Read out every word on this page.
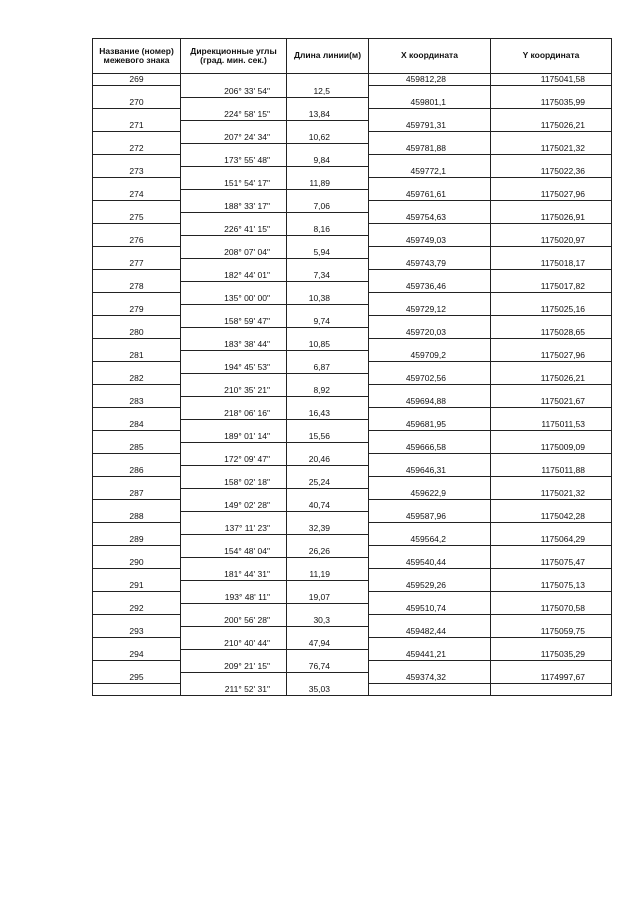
Название (номер) межевого знака	Дирекционные углы (град. мин. сек.)	Длина линии(м)	X координата	Y координата
269			459812,28	1175041,58
	206° 33' 54"	12,5		
270			459801,1	1175035,99
	224° 58' 15"	13,84		
271			459791,31	1175026,21
	207° 24' 34"	10,62		
272			459781,88	1175021,32
	173° 55' 48"	9,84		
273			459772,1	1175022,36
	151° 54' 17"	11,89		
274			459761,61	1175027,96
	188° 33' 17"	7,06		
275			459754,63	1175026,91
	226° 41' 15"	8,16		
276			459749,03	1175020,97
	208° 07' 04"	5,94		
277			459743,79	1175018,17
	182° 44' 01"	7,34		
278			459736,46	1175017,82
	135° 00' 00"	10,38		
279			459729,12	1175025,16
	158° 59' 47"	9,74		
280			459720,03	1175028,65
	183° 38' 44"	10,85		
281			459709,2	1175027,96
	194° 45' 53"	6,87		
282			459702,56	1175026,21
	210° 35' 21"	8,92		
283			459694,88	1175021,67
	218° 06' 16"	16,43		
284			459681,95	1175011,53
	189° 01' 14"	15,56		
285			459666,58	1175009,09
	172° 09' 47"	20,46		
286			459646,31	1175011,88
	158° 02' 18"	25,24		
287			459622,9	1175021,32
	149° 02' 28"	40,74		
288			459587,96	1175042,28
	137° 11' 23"	32,39		
289			459564,2	1175064,29
	154° 48' 04"	26,26		
290			459540,44	1175075,47
	181° 44' 31"	11,19		
291			459529,26	1175075,13
	193° 48' 11"	19,07		
292			459510,74	1175070,58
	200° 56' 28"	30,3		
293			459482,44	1175059,75
	210° 40' 44"	47,94		
294			459441,21	1175035,29
	209° 21' 15"	76,74		
295			459374,32	1174997,67
	211° 52' 31"	35,03		
